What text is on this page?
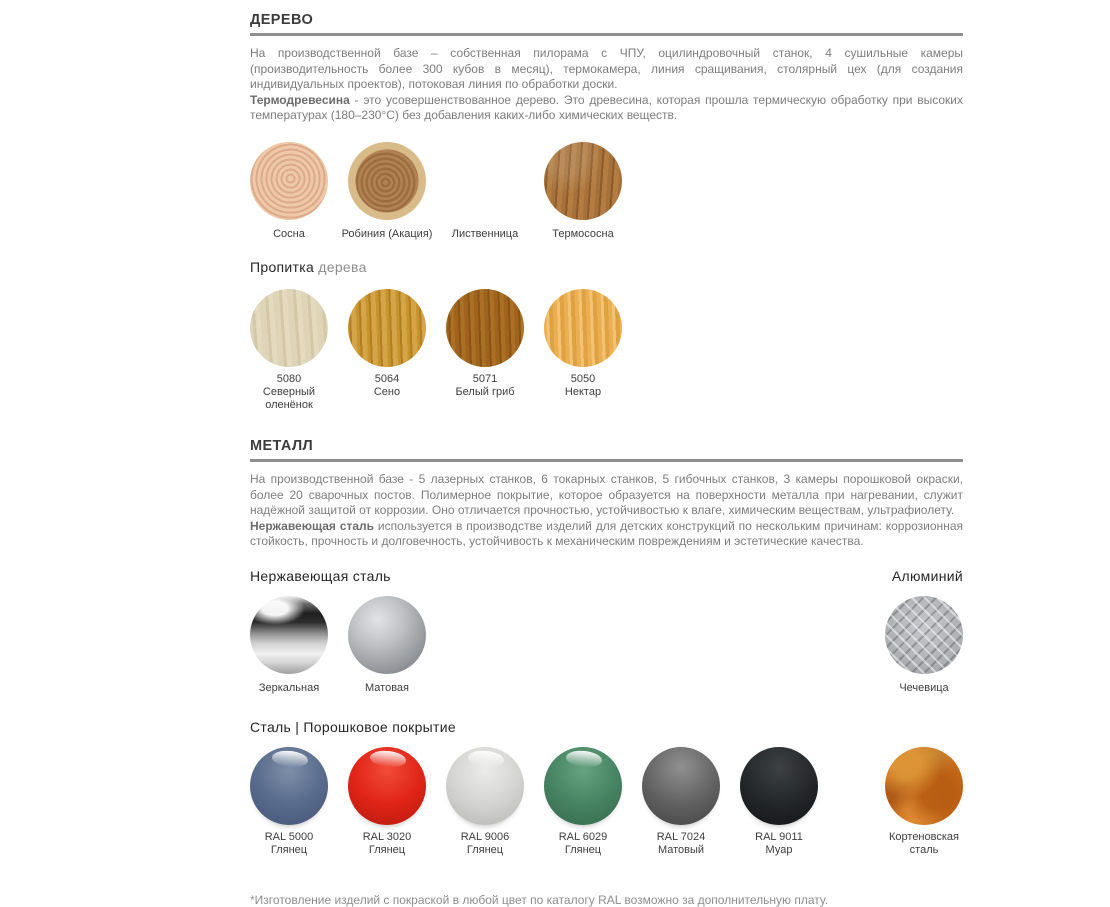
ДЕРЕВО

На производственной базе – собственная пилорама с ЧПУ, оцилиндровочный станок, 4 сушильные камеры (производительность более 300 кубов в месяц), термокамера, линия сращивания, столярный цех (для создания индивидуальных проектов), потоковая линия по обработки доски.
Термодревесина - это усовершенствованное дерево. Это древесина, которая прошла термическую обработку при высоких температурах (180–230°С) без добавления каких-либо химических веществ.

Сосна	Робиния (Акация) Лиственница	Термососна
Пропитка дерева
5080
Северный оленёнок
5064
Сено
5071
Белый гриб
5050
Нектар
МЕТАЛЛ

На производственной базе - 5 лазерных станков, 6 токарных станков, 5 гибочных станков, 3 камеры порошковой окраски, более 20 сварочных постов. Полимерное покрытие, которое образуется на поверхности металла при нагревании, служит надёжной защитой от коррозии. Оно отличается прочностью, устойчивостью к влаге, химическим веществам, ультрафиолету.
Нержавеющая сталь используется в производстве изделий для детских конструкций по нескольким причинам: коррозионная стойкость, прочность и долговечность, устойчивость к механическим повреждениям и эстетические качества.

Нержавеющая сталь	Алюминий
Зеркальная	Матовая	Чечевица
Сталь | Порошковое покрытие
RAL 5000
Глянец
RAL 3020
Глянец
RAL 9006
Глянец
RAL 6029
Глянец
RAL 7024
Матовый
RAL 9011
Муар
Кортеновская сталь
*Изготовление изделий с покраской в любой цвет по каталогу RAL возможно за дополнительную плату.
